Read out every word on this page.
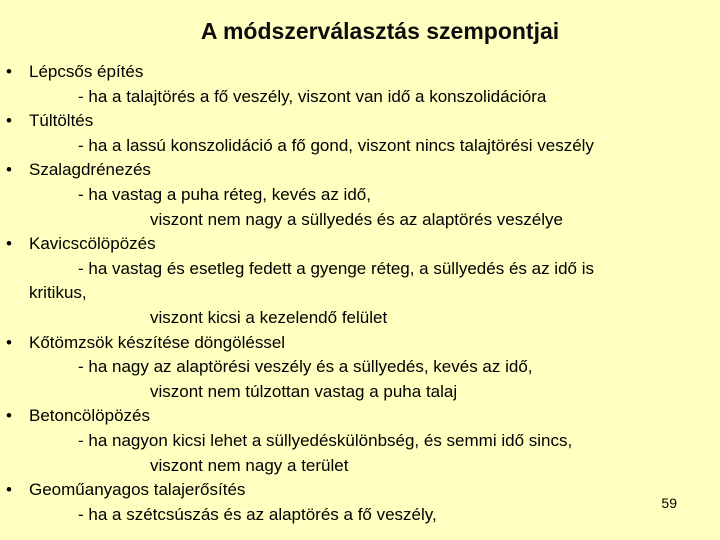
A módszerválasztás szempontjai
• Lépcsős építés
- ha a talajtörés a fő veszély, viszont van idő a konszolidációra
• Túltöltés
- ha a lassú konszolidáció a fő gond, viszont nincs talajtörési veszély
• Szalagdrénezés
- ha vastag a puha réteg, kevés az idő,
viszont nem nagy a süllyedés és az alaptörés veszélye
• Kavicscölöpözés
- ha vastag és esetleg fedett a gyenge réteg, a süllyedés és az idő is
kritikus,
viszont kicsi a kezelendő felület
• Kőtömzsök készítése döngöléssel
- ha nagy az alaptörési veszély és a süllyedés, kevés az idő,
viszont nem túlzottan vastag a puha talaj
• Betoncölöpözés
- ha nagyon kicsi lehet a süllyedéskülönbség, és semmi idő sincs,
viszont nem nagy a terület
• Geoműanyagos talajerősítés
- ha a szétcsúszás és az alaptörés a fő veszély,
59
